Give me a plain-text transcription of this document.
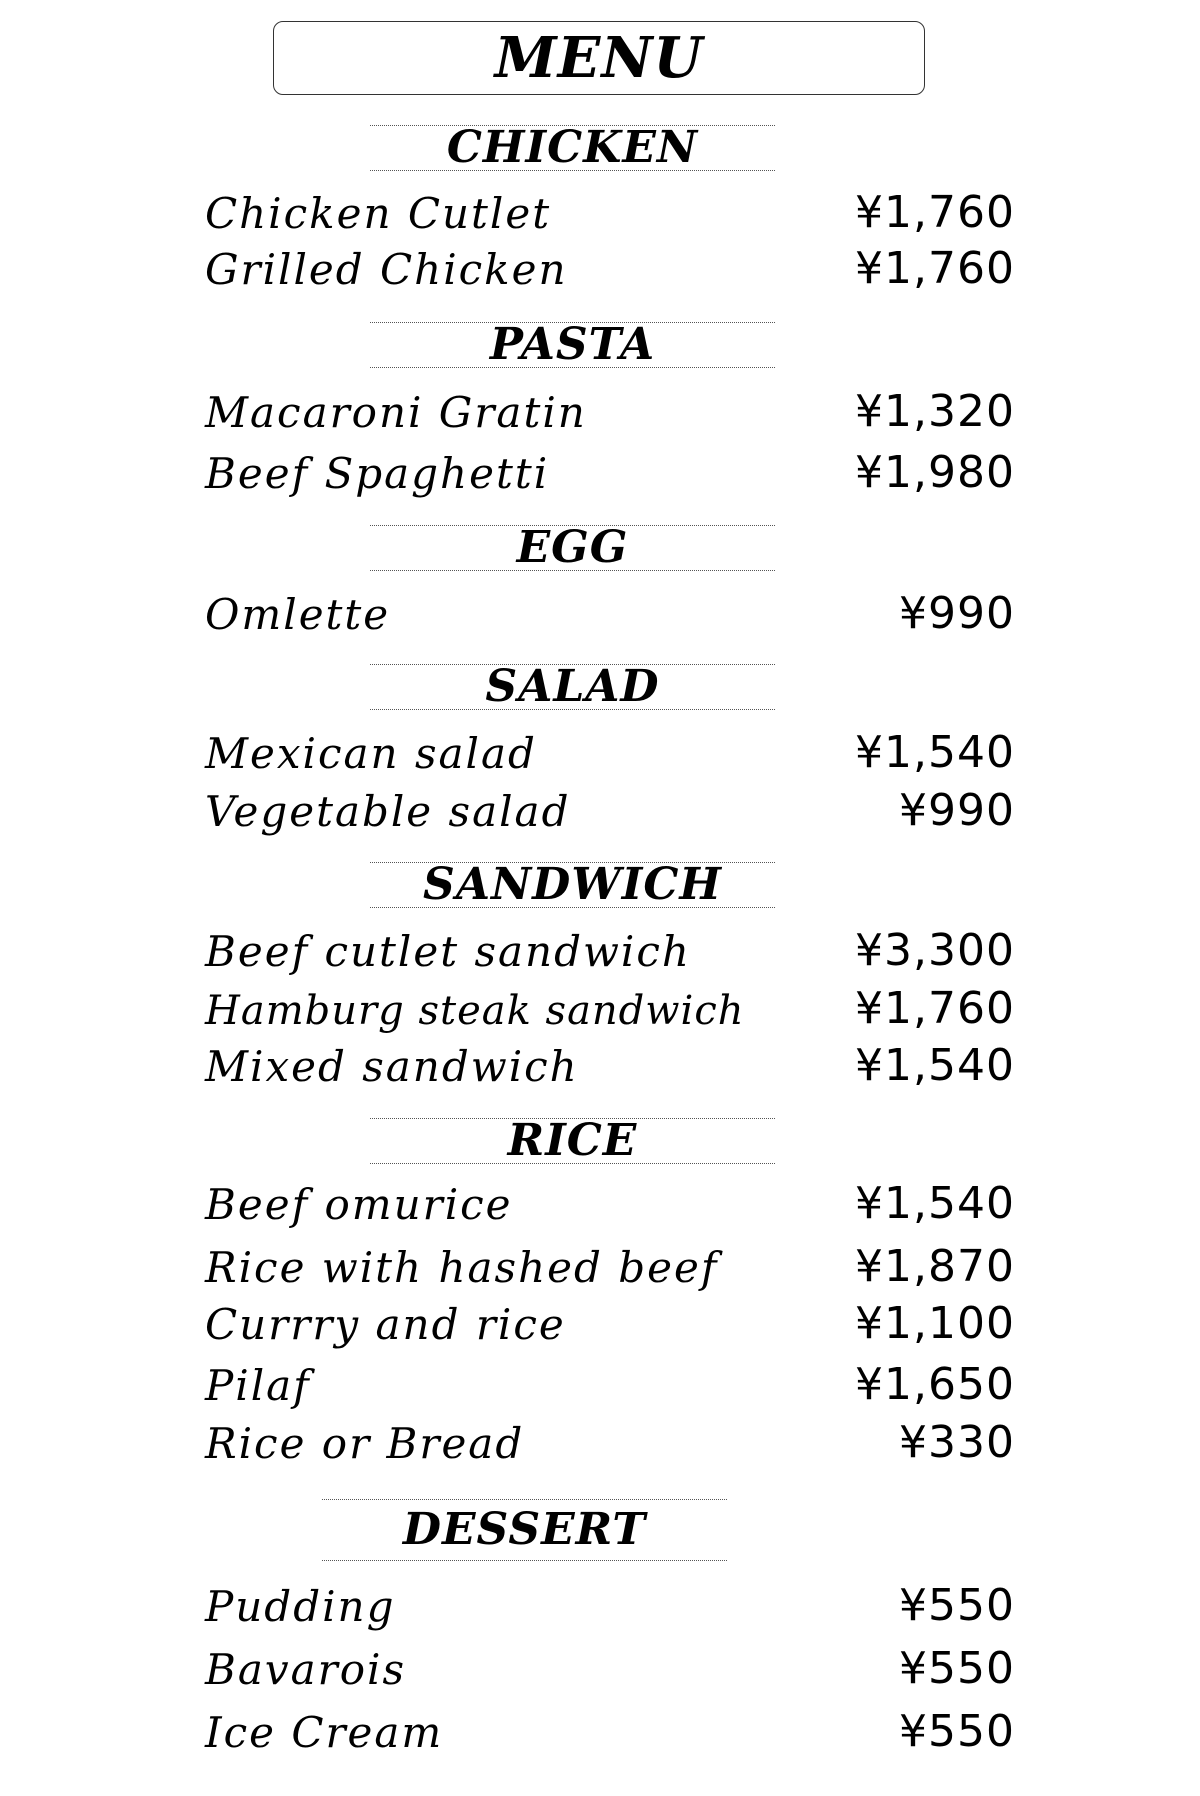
MENU
CHICKEN
Chicken Cutlet	¥1,760
Grilled Chicken	¥1,760
PASTA
Macaroni Gratin	¥1,320
Beef Spaghetti	¥1,980
EGG
Omlette	¥990
SALAD
Mexican salad	¥1,540
Vegetable salad	¥990
SANDWICH
Beef cutlet sandwich	¥3,300
Hamburg steak sandwich	¥1,760
Mixed sandwich	¥1,540
RICE
Beef omurice	¥1,540
Rice with hashed beef	¥1,870
Currry and rice	¥1,100
Pilaf	¥1,650
Rice or Bread	¥330
DESSERT
Pudding	¥550
Bavarois	¥550
Ice Cream	¥550
